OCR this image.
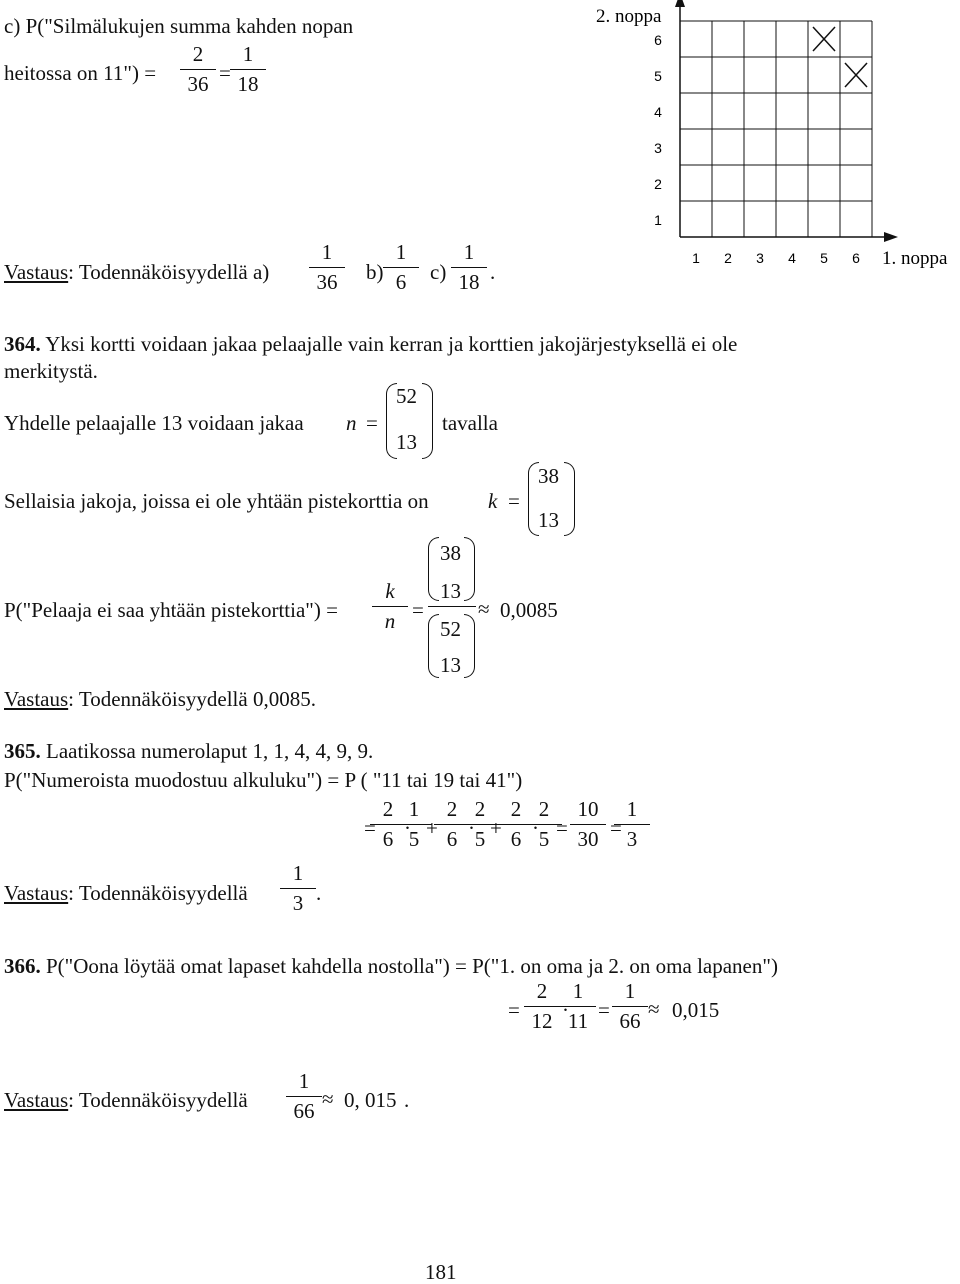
c) P("Silmälukujen summa kahden nopan
heitossa on 11") =
2
36 =
1
18
Vastaus: Todennäköisyydellä a)
1
36	b)
1
6	c)
1
18 .
2. noppa
1. noppa
6
5
4
3
2
1
1 2 3 4 5 6
364. Yksi kortti voidaan jakaa pelaajalle vain kerran ja korttien jakojärjestyksellä ei ole
merkitystä.
Yhdelle pelaajalle 13 voidaan jakaa n =
52
13
tavalla
Sellaisia jakoja, joissa ei ole yhtään pistekorttia on	k =
38
13
P("Pelaaja ei saa yhtään pistekorttia") =
k
n =
38
13
52
13
≈ 0,0085
Vastaus: Todennäköisyydellä 0,0085.
365. Laatikossa numerolaput 1, 1, 4, 4, 9, 9.
P("Numeroista muodostuu alkuluku") = P ( "11 tai 19 tai 41")
=
2
6 ·
1
5 +
2
6 ·
2
5 +
2
6 ·
2
5 =
10
30 =
1
3
Vastaus: Todennäköisyydellä
1
3 .
366. P("Oona löytää omat lapaset kahdella nostolla") = P("1. on oma ja 2. on oma lapanen")
=
2
12 ·
1
11 =
1
66 ≈ 0,015
Vastaus: Todennäköisyydellä
1
66 ≈ 0, 015 .
181
